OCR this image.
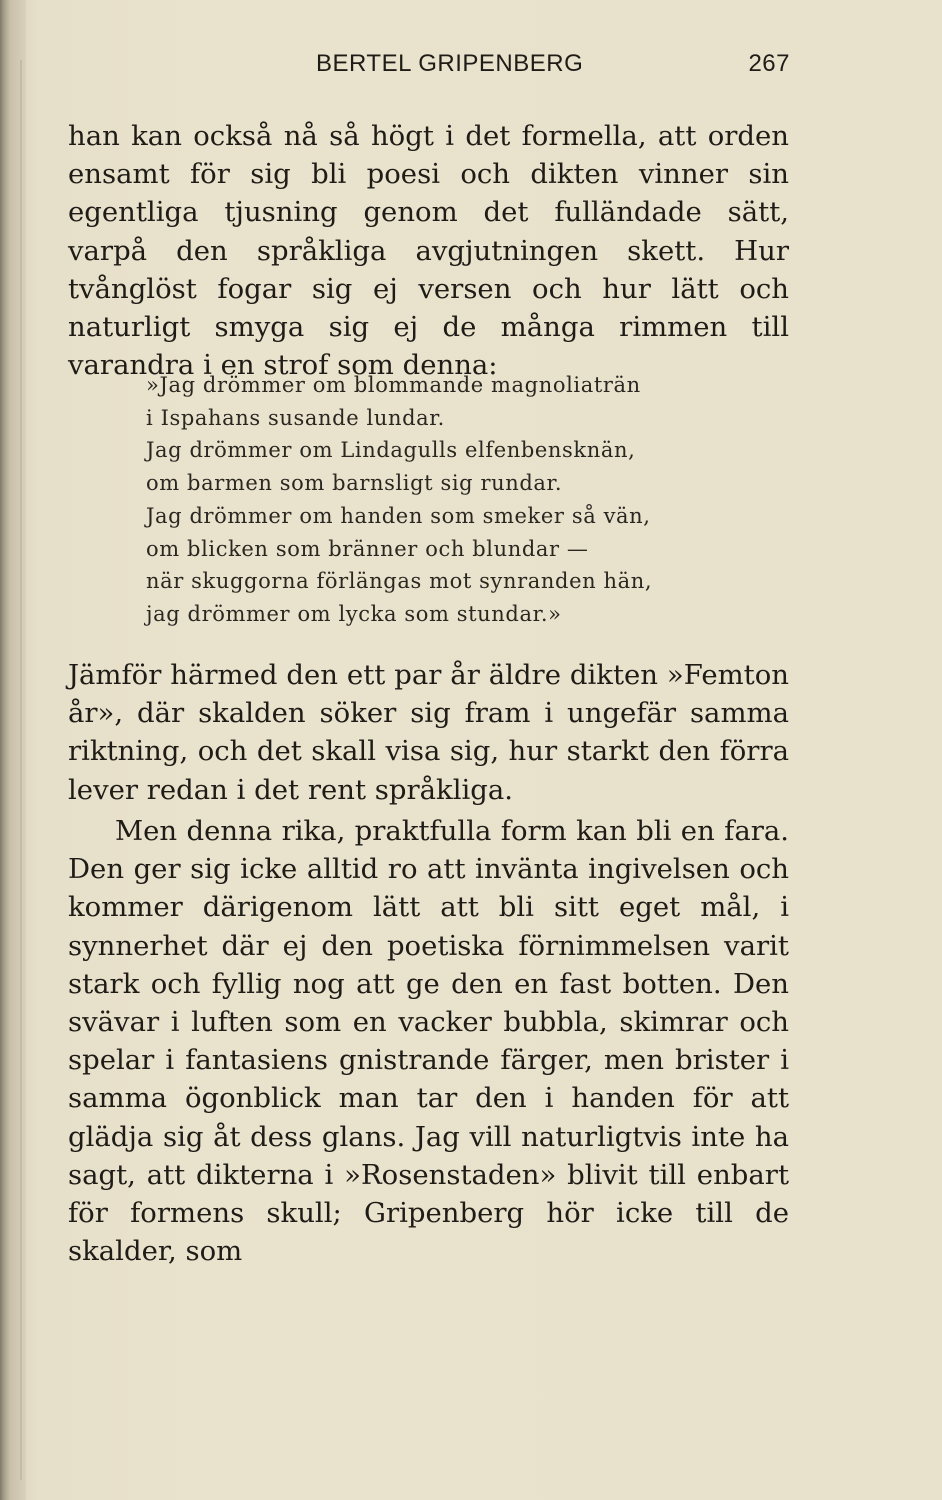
BERTEL GRIPENBERG	267

han kan också nå så högt i det formella, att orden ensamt för sig bli poesi och dikten vinner sin egentliga tjusning genom det fulländade sätt, varpå den språkliga avgjutningen skett. Hur tvånglöst fogar sig ej versen och hur lätt och naturligt smyga sig ej de många rimmen till varandra i en strof som denna:

»Jag drömmer om blommande magnoliaträn
i Ispahans susande lundar.
Jag drömmer om Lindagulls elfenbensknän,
om barmen som barnsligt sig rundar.
Jag drömmer om handen som smeker så vän,
om blicken som bränner och blundar —
när skuggorna förlängas mot synranden hän,
jag drömmer om lycka som stundar.»

Jämför härmed den ett par år äldre dikten »Femton år», där skalden söker sig fram i ungefär samma riktning, och det skall visa sig, hur starkt den förra lever redan i det rent språkliga.

Men denna rika, praktfulla form kan bli en fara. Den ger sig icke alltid ro att invänta ingivelsen och kommer därigenom lätt att bli sitt eget mål, i synnerhet där ej den poetiska förnimmelsen varit stark och fyllig nog att ge den en fast botten. Den svävar i luften som en vacker bubbla, skimrar och spelar i fantasiens gnistrande färger, men brister i samma ögonblick man tar den i handen för att glädja sig åt dess glans. Jag vill naturligtvis inte ha sagt, att dikterna i »Rosenstaden» blivit till enbart för formens skull; Gripenberg hör icke till de skalder, som
